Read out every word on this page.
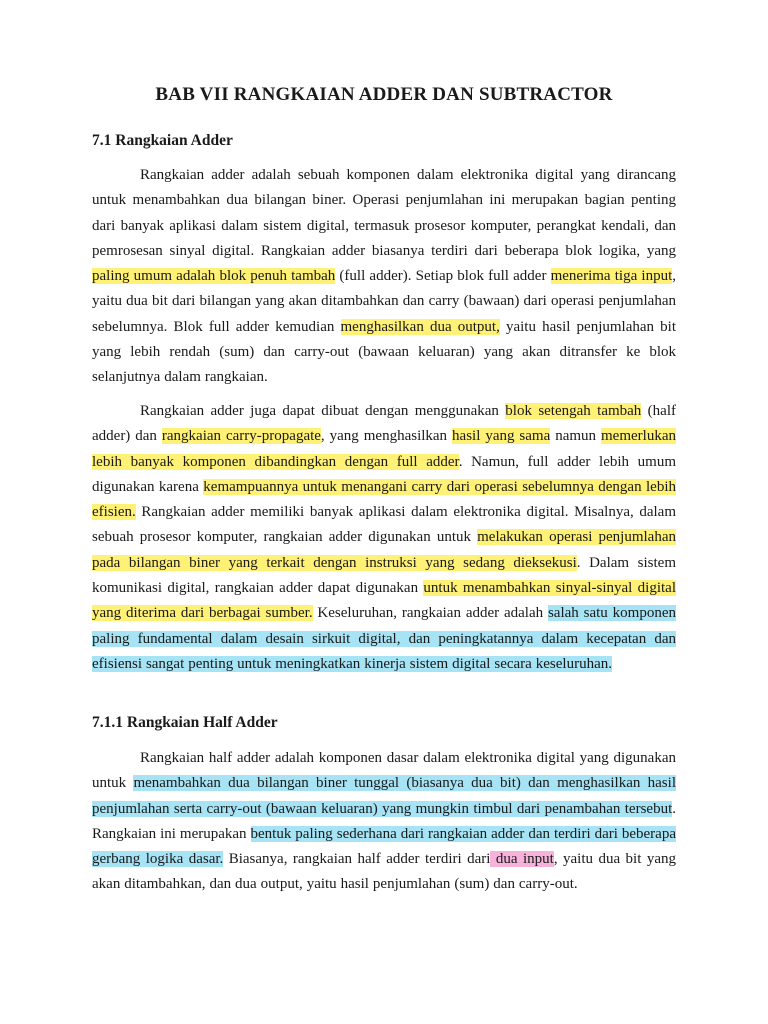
BAB VII RANGKAIAN ADDER DAN SUBTRACTOR
7.1 Rangkaian Adder

Rangkaian adder adalah sebuah komponen dalam elektronika digital yang dirancang untuk menambahkan dua bilangan biner. Operasi penjumlahan ini merupakan bagian penting dari banyak aplikasi dalam sistem digital, termasuk prosesor komputer, perangkat kendali, dan pemrosesan sinyal digital. Rangkaian adder biasanya terdiri dari beberapa blok logika, yang paling umum adalah blok penuh tambah (full adder). Setiap blok full adder menerima tiga input, yaitu dua bit dari bilangan yang akan ditambahkan dan carry (bawaan) dari operasi penjumlahan sebelumnya. Blok full adder kemudian menghasilkan dua output, yaitu hasil penjumlahan bit yang lebih rendah (sum) dan carry-out (bawaan keluaran) yang akan ditransfer ke blok selanjutnya dalam rangkaian.

Rangkaian adder juga dapat dibuat dengan menggunakan blok setengah tambah (half adder) dan rangkaian carry-propagate, yang menghasilkan hasil yang sama namun memerlukan lebih banyak komponen dibandingkan dengan full adder. Namun, full adder lebih umum digunakan karena kemampuannya untuk menangani carry dari operasi sebelumnya dengan lebih efisien. Rangkaian adder memiliki banyak aplikasi dalam elektronika digital. Misalnya, dalam sebuah prosesor komputer, rangkaian adder digunakan untuk melakukan operasi penjumlahan pada bilangan biner yang terkait dengan instruksi yang sedang dieksekusi. Dalam sistem komunikasi digital, rangkaian adder dapat digunakan untuk menambahkan sinyal-sinyal digital yang diterima dari berbagai sumber. Keseluruhan, rangkaian adder adalah salah satu komponen paling fundamental dalam desain sirkuit digital, dan peningkatannya dalam kecepatan dan efisiensi sangat penting untuk meningkatkan kinerja sistem digital secara keseluruhan.

7.1.1 Rangkaian Half Adder

Rangkaian half adder adalah komponen dasar dalam elektronika digital yang digunakan untuk menambahkan dua bilangan biner tunggal (biasanya dua bit) dan menghasilkan hasil penjumlahan serta carry-out (bawaan keluaran) yang mungkin timbul dari penambahan tersebut. Rangkaian ini merupakan bentuk paling sederhana dari rangkaian adder dan terdiri dari beberapa gerbang logika dasar. Biasanya, rangkaian half adder terdiri dari dua input, yaitu dua bit yang akan ditambahkan, dan dua output, yaitu hasil penjumlahan (sum) dan carry-out.
